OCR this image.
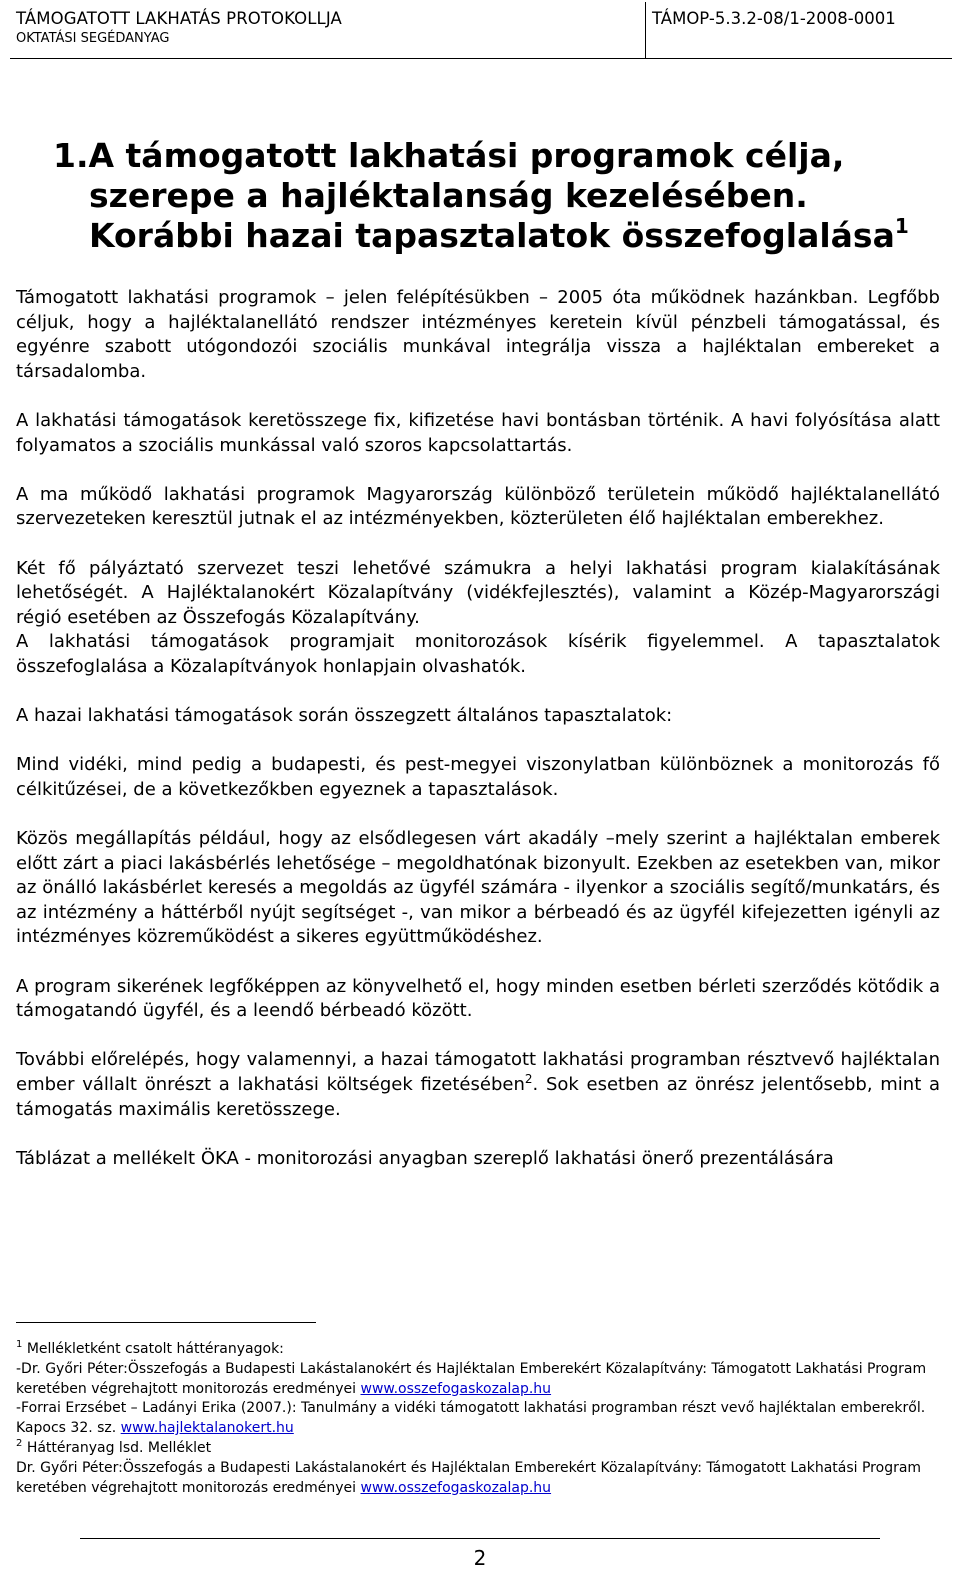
TÁMOGATOTT LAKHATÁS PROTOKOLLJA
OKTATÁSI SEGÉDANYAG
TÁMOP-5.3.2-08/1-2008-0001
1.A támogatott lakhatási programok célja,
szerepe a hajléktalanság kezelésében.
Korábbi hazai tapasztalatok összefoglalása$^1$

Támogatott lakhatási programok – jelen felépítésükben – 2005 óta működnek hazánkban. Legfőbb céljuk, hogy a hajléktalanellátó rendszer intézményes keretein kívül pénzbeli támogatással, és egyénre szabott utógondozói szociális munkával integrálja vissza a hajléktalan embereket a társadalomba.

A lakhatási támogatások keretösszege fix, kifizetése havi bontásban történik. A havi folyósítása alatt folyamatos a szociális munkással való szoros kapcsolattartás.

A ma működő lakhatási programok Magyarország különböző területein működő hajléktalanellátó szervezeteken keresztül jutnak el az intézményekben, közterületen élő hajléktalan emberekhez.

Két fő pályáztató szervezet teszi lehetővé számukra a helyi lakhatási program kialakításának lehetőségét. A Hajléktalanokért Közalapítvány (vidékfejlesztés), valamint a Közép-Magyarországi régió esetében az Összefogás Közalapítvány.

A lakhatási támogatások programjait monitorozások kísérik figyelemmel. A tapasztalatok összefoglalása a Közalapítványok honlapjain olvashatók.

A hazai lakhatási támogatások során összegzett általános tapasztalatok:

Mind vidéki, mind pedig a budapesti, és pest-megyei viszonylatban különböznek a monitorozás fő célkitűzései, de a következőkben egyeznek a tapasztalások.

Közös megállapítás például, hogy az elsődlegesen várt akadály –mely szerint a hajléktalan emberek előtt zárt a piaci lakásbérlés lehetősége – megoldhatónak bizonyult. Ezekben az esetekben van, mikor az önálló lakásbérlet keresés a megoldás az ügyfél számára - ilyenkor a szociális segítő/munkatárs, és az intézmény a háttérből nyújt segítséget -, van mikor a bérbeadó és az ügyfél kifejezetten igényli az intézményes közreműködést a sikeres együttműködéshez.

A program sikerének legfőképpen az könyvelhető el, hogy minden esetben bérleti szerződés kötődik a támogatandó ügyfél, és a leendő bérbeadó között.

További előrelépés, hogy valamennyi, a hazai támogatott lakhatási programban résztvevő hajléktalan ember vállalt önrészt a lakhatási költségek fizetésében$^2$. Sok esetben az önrész jelentősebb, mint a támogatás maximális keretösszege.

Táblázat a mellékelt ÖKA - monitorozási anyagban szereplő lakhatási önerő prezentálására

$^1$ Mellékletként csatolt háttéranyagok:

-Dr. Győri Péter:Összefogás a Budapesti Lakástalanokért és Hajléktalan Emberekért Közalapítvány: Támogatott Lakhatási Program keretében végrehajtott monitorozás eredményei www.osszefogaskozalap.hu

-Forrai Erzsébet – Ladányi Erika (2007.): Tanulmány a vidéki támogatott lakhatási programban részt vevő hajléktalan emberekről. Kapocs 32. sz. www.hajlektalanokert.hu

$^2$ Háttéranyag lsd. Melléklet

Dr. Győri Péter:Összefogás a Budapesti Lakástalanokért és Hajléktalan Emberekért Közalapítvány: Támogatott Lakhatási Program keretében végrehajtott monitorozás eredményei www.osszefogaskozalap.hu

2
